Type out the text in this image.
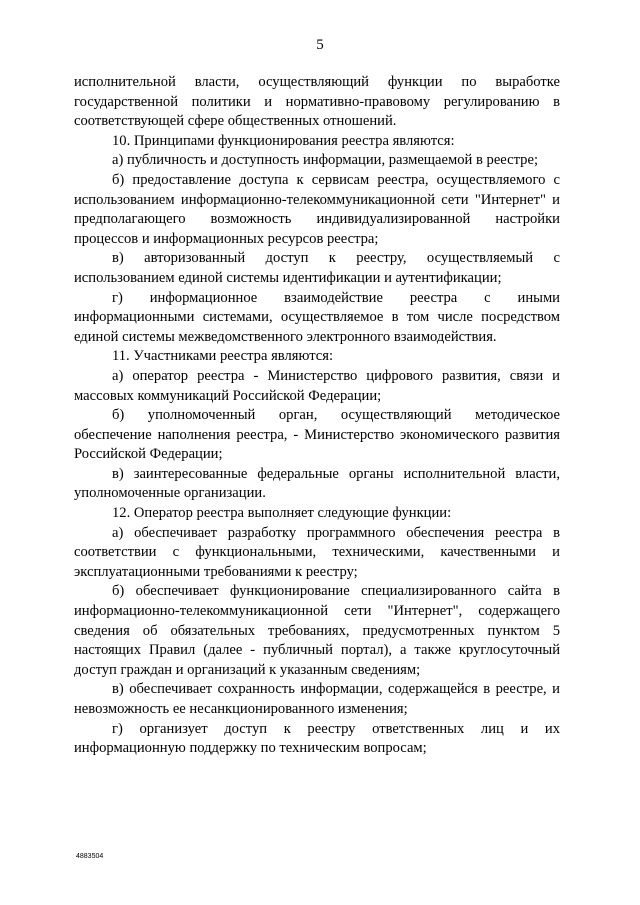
5

исполнительной власти, осуществляющий функции по выработке государственной политики и нормативно-правовому регулированию в соответствующей сфере общественных отношений.

10. Принципами функционирования реестра являются:

а) публичность и доступность информации, размещаемой в реестре;

б) предоставление доступа к сервисам реестра, осуществляемого с использованием информационно-телекоммуникационной сети "Интернет" и предполагающего возможность индивидуализированной настройки процессов и информационных ресурсов реестра;

в) авторизованный доступ к реестру, осуществляемый с использованием единой системы идентификации и аутентификации;

г) информационное взаимодействие реестра с иными информационными системами, осуществляемое в том числе посредством единой системы межведомственного электронного взаимодействия.

11. Участниками реестра являются:

а) оператор реестра - Министерство цифрового развития, связи и массовых коммуникаций Российской Федерации;

б) уполномоченный орган, осуществляющий методическое обеспечение наполнения реестра, - Министерство экономического развития Российской Федерации;

в) заинтересованные федеральные органы исполнительной власти, уполномоченные организации.

12. Оператор реестра выполняет следующие функции:

а) обеспечивает разработку программного обеспечения реестра в соответствии с функциональными, техническими, качественными и эксплуатационными требованиями к реестру;

б) обеспечивает функционирование специализированного сайта в информационно-телекоммуникационной сети "Интернет", содержащего сведения об обязательных требованиях, предусмотренных пунктом 5 настоящих Правил (далее - публичный портал), а также круглосуточный доступ граждан и организаций к указанным сведениям;

в) обеспечивает сохранность информации, содержащейся в реестре, и невозможность ее несанкционированного изменения;

г) организует доступ к реестру ответственных лиц и их информационную поддержку по техническим вопросам;

4883504
